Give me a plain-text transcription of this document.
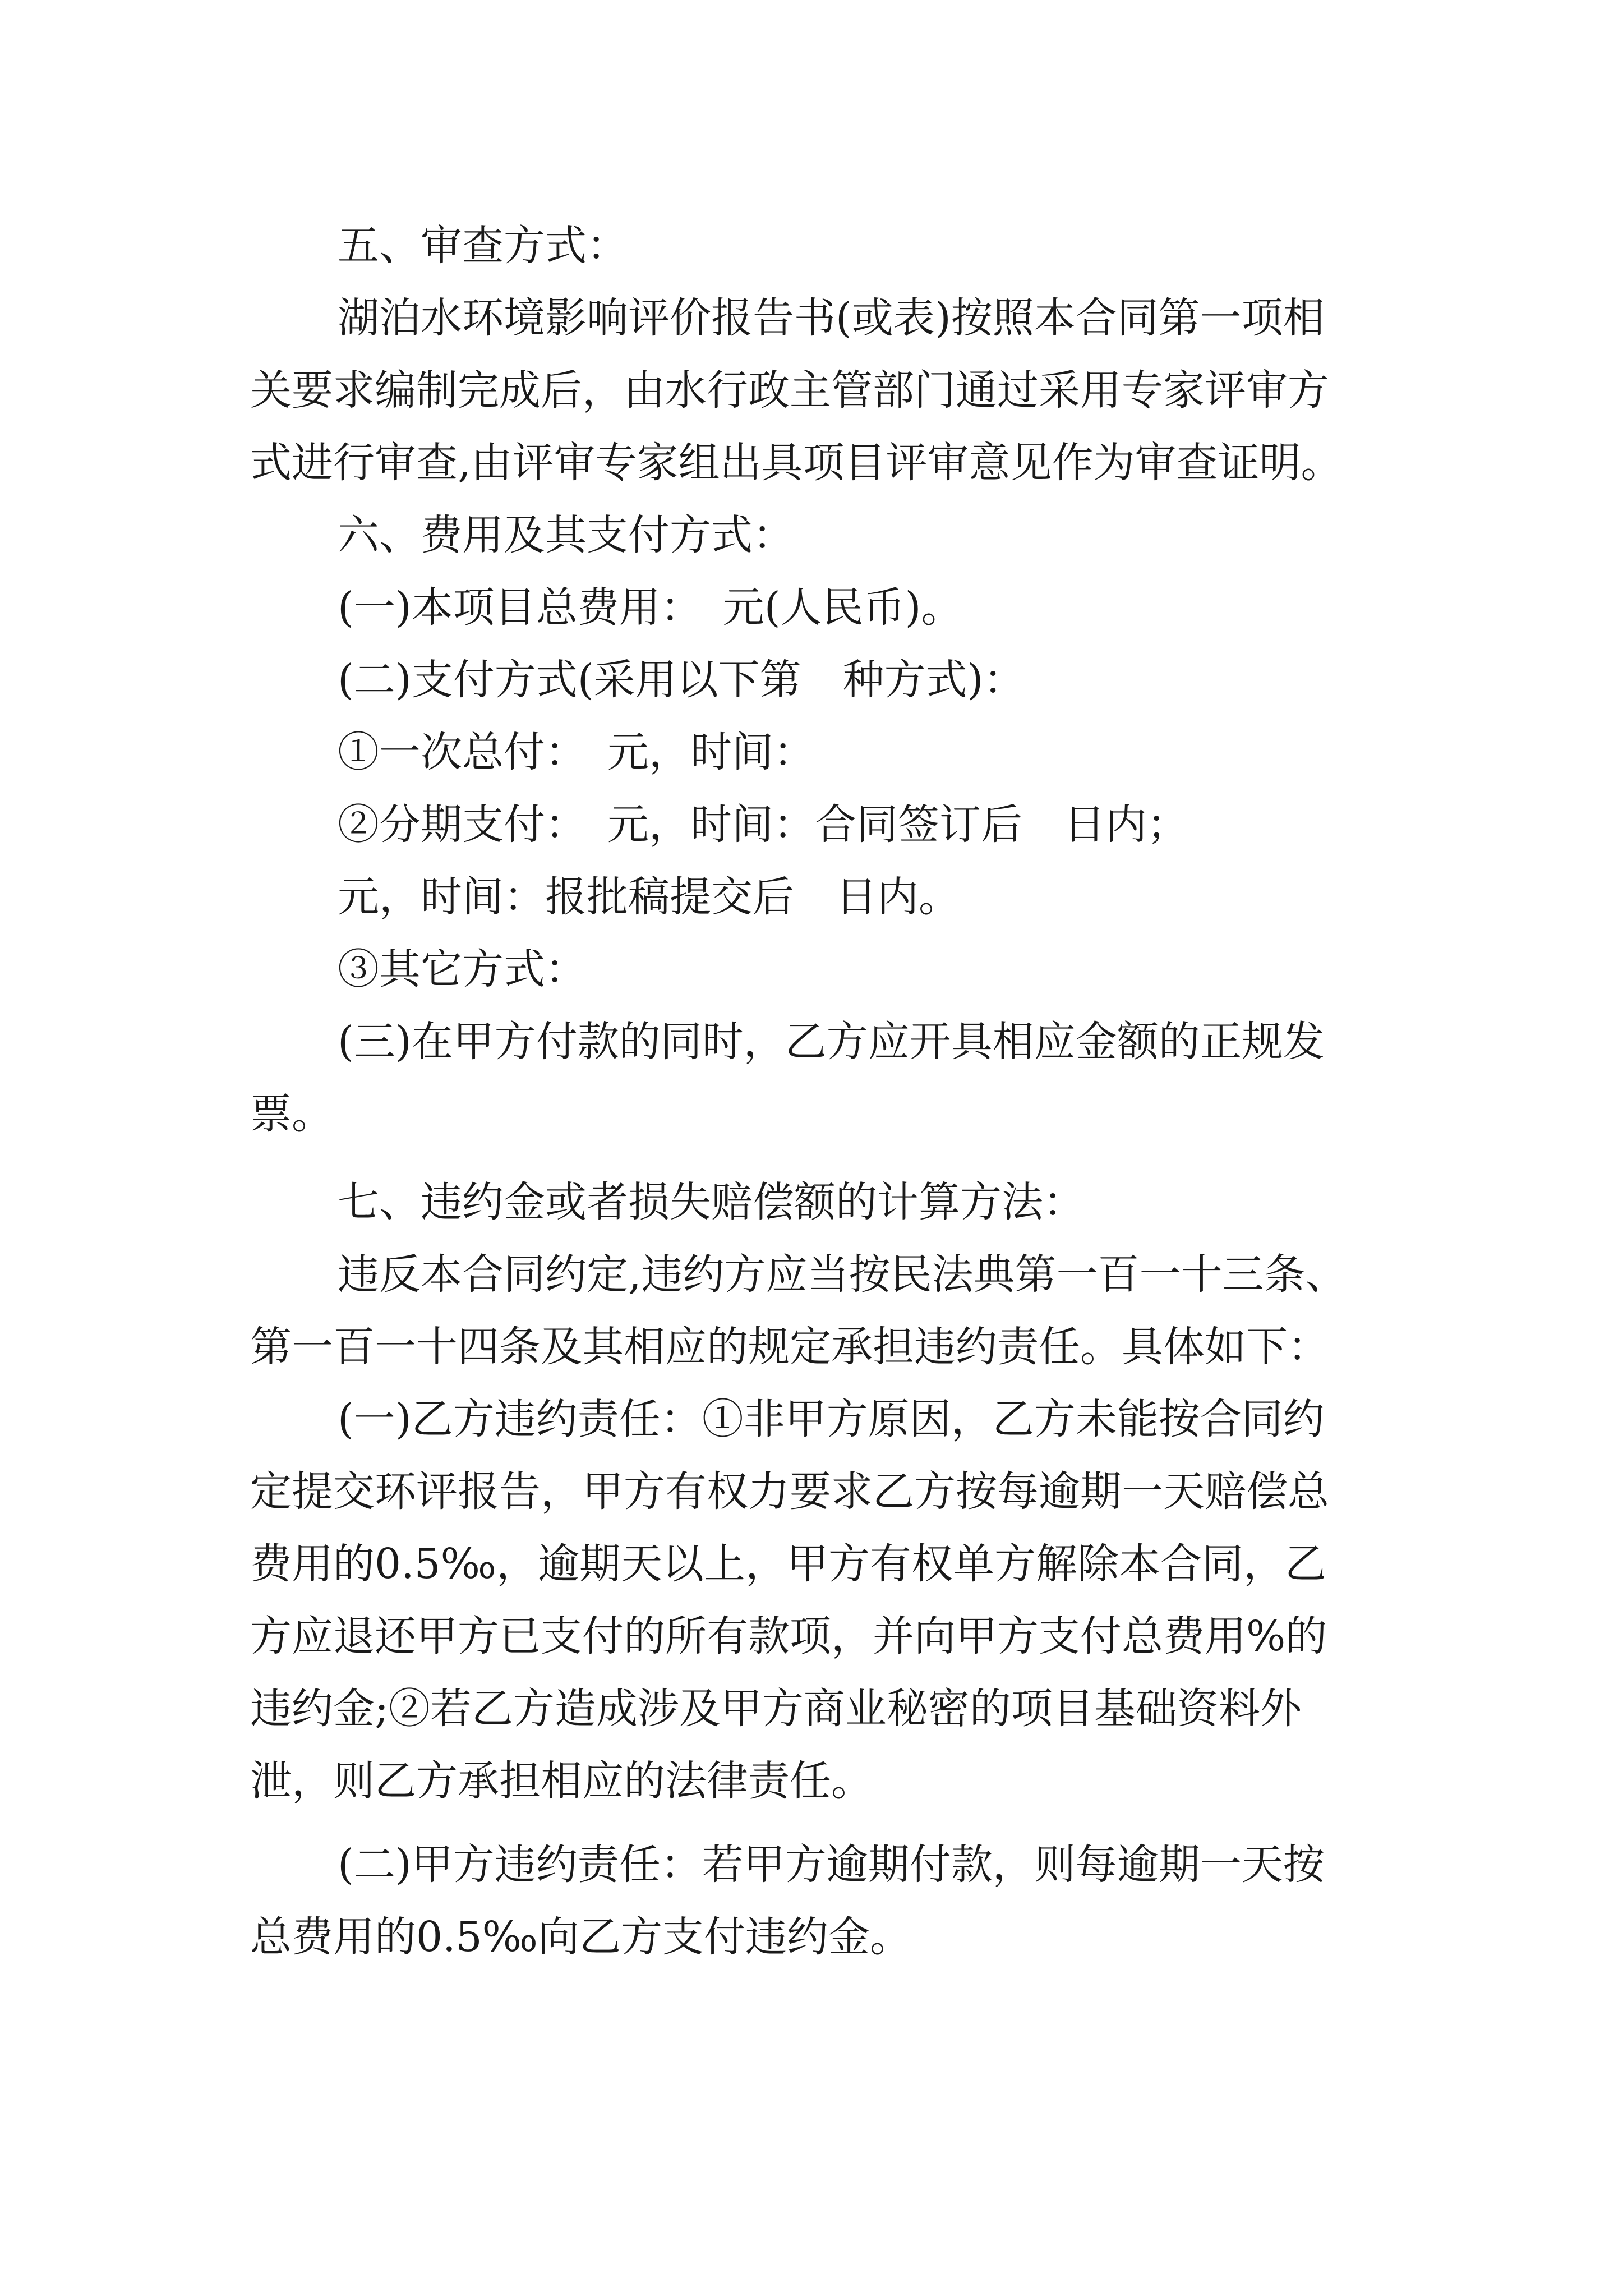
五、审查方式：

湖泊水环境影响评价报告书(或表)按照本合同第一项相

关要求编制完成后，由水行政主管部门通过采用专家评审方

式进行审查,由评审专家组出具项目评审意见作为审查证明。

六、费用及其支付方式：

(一)本项目总费用：　元(人民币)。

(二)支付方式(采用以下第　种方式)：

①一次总付：　元，时间：

②分期支付：　元，时间：合同签订后　日内；

元，时间：报批稿提交后　日内。

③其它方式：

(三)在甲方付款的同时，乙方应开具相应金额的正规发

票。

七、违约金或者损失赔偿额的计算方法：

违反本合同约定,违约方应当按民法典第一百一十三条、

第一百一十四条及其相应的规定承担违约责任。具体如下：

(一)乙方违约责任：①非甲方原因，乙方未能按合同约

定提交环评报告，甲方有权力要求乙方按每逾期一天赔偿总

费用的0.5‰，逾期天以上，甲方有权单方解除本合同，乙

方应退还甲方已支付的所有款项，并向甲方支付总费用%的

违约金;②若乙方造成涉及甲方商业秘密的项目基础资料外

泄，则乙方承担相应的法律责任。

(二)甲方违约责任：若甲方逾期付款，则每逾期一天按

总费用的0.5‰向乙方支付违约金。
